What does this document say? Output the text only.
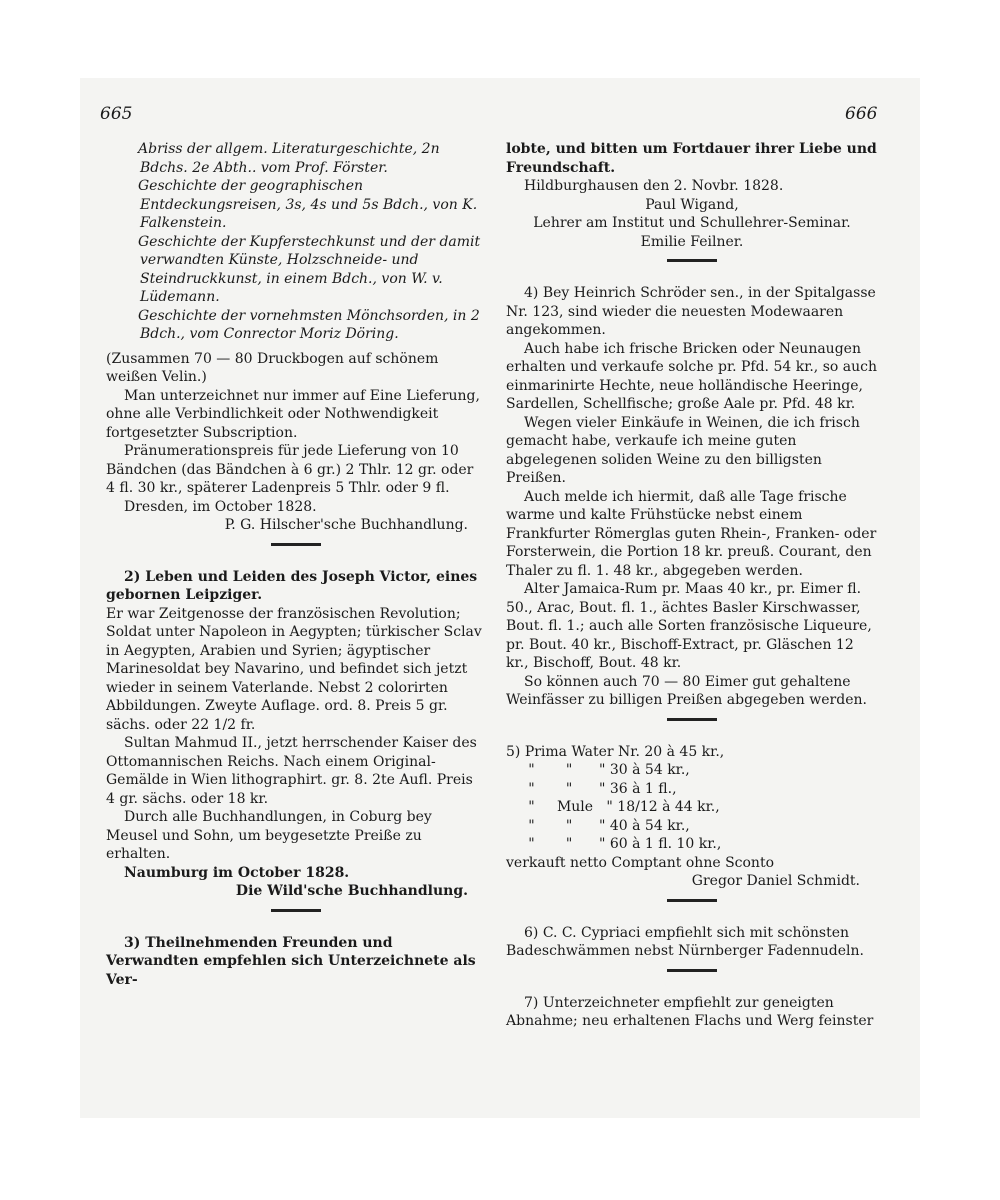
665	666

Abriss der allgem. Literaturgeschichte, 2n Bdchs. 2e Abth.. vom Prof. Förster.

Geschichte der geographischen Entdeckungsreisen, 3s, 4s und 5s Bdch., von K. Falkenstein.

Geschichte der Kupferstechkunst und der damit verwandten Künste, Holzschneide- und Steindruckkunst, in einem Bdch., von W. v. Lüdemann.

Geschichte der vornehmsten Mönchsorden, in 2 Bdch., vom Conrector Moriz Döring.

(Zusammen 70 — 80 Druckbogen auf schönem weißen Velin.)

Man unterzeichnet nur immer auf Eine Lieferung, ohne alle Verbindlichkeit oder Nothwendigkeit fortgesetzter Subscription.

Pränumerationspreis für jede Lieferung von 10 Bändchen (das Bändchen à 6 gr.) 2 Thlr. 12 gr. oder 4 fl. 30 kr., späterer Ladenpreis 5 Thlr. oder 9 fl.

Dresden, im October 1828.

P. G. Hilscher'sche Buchhandlung.

2) Leben und Leiden des Joseph Victor, eines gebornen Leipziger.

Er war Zeitgenosse der französischen Revolution; Soldat unter Napoleon in Aegypten; türkischer Sclav in Aegypten, Arabien und Syrien; ägyptischer Marinesoldat bey Navarino, und befindet sich jetzt wieder in seinem Vaterlande. Nebst 2 colorirten Abbildungen. Zweyte Auflage. ord. 8. Preis 5 gr. sächs. oder 22 1/2 fr.

Sultan Mahmud II., jetzt herrschender Kaiser des Ottomannischen Reichs. Nach einem Original-Gemälde in Wien lithographirt. gr. 8. 2te Aufl. Preis 4 gr. sächs. oder 18 kr.

Durch alle Buchhandlungen, in Coburg bey Meusel und Sohn, um beygesetzte Preiße zu erhalten.

Naumburg im October 1828.

Die Wild'sche Buchhandlung.

3) Theilnehmenden Freunden und Verwandten empfehlen sich Unterzeichnete als Ver-

lobte, und bitten um Fortdauer ihrer Liebe und Freundschaft.

Hildburghausen den 2. Novbr. 1828.

Paul Wigand,

Lehrer am Institut und Schullehrer-Seminar.

Emilie Feilner.

4) Bey Heinrich Schröder sen., in der Spitalgasse Nr. 123, sind wieder die neuesten Modewaaren angekommen.

Auch habe ich frische Bricken oder Neunaugen erhalten und verkaufe solche pr. Pfd. 54 kr., so auch einmarinirte Hechte, neue holländische Heeringe, Sardellen, Schellfische; große Aale pr. Pfd. 48 kr.

Wegen vieler Einkäufe in Weinen, die ich frisch gemacht habe, verkaufe ich meine guten abgelegenen soliden Weine zu den billigsten Preißen.

Auch melde ich hiermit, daß alle Tage frische warme und kalte Frühstücke nebst einem Frankfurter Römerglas guten Rhein-, Franken- oder Forsterwein, die Portion 18 kr. preuß. Courant, den Thaler zu fl. 1. 48 kr., abgegeben werden.

Alter Jamaica-Rum pr. Maas 40 kr., pr. Eimer fl. 50., Arac, Bout. fl. 1., ächtes Basler Kirschwasser, Bout. fl. 1.; auch alle Sorten französische Liqueure, pr. Bout. 40 kr., Bischoff-Extract, pr. Gläschen 12 kr., Bischoff, Bout. 48 kr.

So können auch 70 — 80 Eimer gut gehaltene Weinfässer zu billigen Preißen abgegeben werden.

5) Prima Water Nr. 20 à 45 kr.,

"       "      " 30 à 54 kr.,

"       "      " 36 à 1 fl.,

"     Mule   " 18/12 à 44 kr.,

"       "      " 40 à 54 kr.,

"       "      " 60 à 1 fl. 10 kr.,

verkauft netto Comptant ohne Sconto

Gregor Daniel Schmidt.

6) C. C. Cypriaci empfiehlt sich mit schönsten Badeschwämmen nebst Nürnberger Fadennudeln.

7) Unterzeichneter empfiehlt zur geneigten Abnahme; neu erhaltenen Flachs und Werg feinster
